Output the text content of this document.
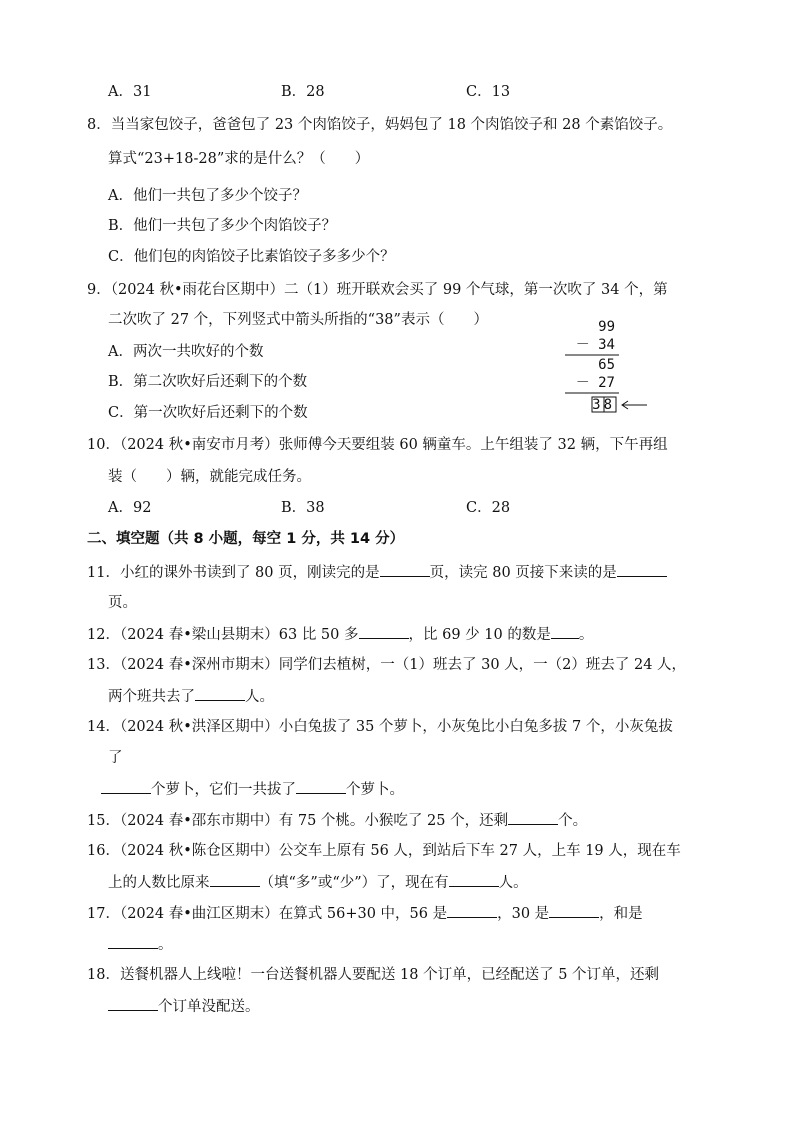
A．31	B．28	C．13
8．当当家包饺子，爸爸包了 23 个肉馅饺子，妈妈包了 18 个肉馅饺子和 28 个素馅饺子。
算式“23+18-28”求的是什么？（　　）
A．他们一共包了多少个饺子？
B．他们一共包了多少个肉馅饺子？
C．他们包的肉馅饺子比素馅饺子多多少个？
9．（2024 秋•雨花台区期中）二（1）班开联欢会买了 99 个气球，第一次吹了 34 个，第
二次吹了 27 个，下列竖式中箭头所指的“38”表示（　　）
A．两次一共吹好的个数
B．第二次吹好后还剩下的个数
C．第一次吹好后还剩下的个数
99
－ 34
65
－ 27
38
10．（2024 秋•南安市月考）张师傅今天要组装 60 辆童车。上午组装了 32 辆，下午再组
装（　　）辆，就能完成任务。
A．92	B．38	C．28
二、填空题（共 8 小题，每空 1 分，共 14 分）
11．小红的课外书读到了 80 页，刚读完的是	页，读完 80 页接下来读的是
页。
12．（2024 春•梁山县期末）63 比 50 多	，比 69 少 10 的数是 。
13．（2024 春•深州市期末）同学们去植树，一（1）班去了 30 人，一（2）班去了 24 人，
两个班共去了	人。
14．（2024 秋•洪泽区期中）小白兔拔了 35 个萝卜，小灰兔比小白兔多拔 7 个，小灰兔拔
了
个萝卜，它们一共拔了	个萝卜。
15．（2024 春•邵东市期中）有 75 个桃。小猴吃了 25 个，还剩	个。
16．（2024 秋•陈仓区期中）公交车上原有 56 人，到站后下车 27 人，上车 19 人，现在车
上的人数比原来	（填“多”或“少”）了，现在有	人。
17．（2024 春•曲江区期末）在算式 56+30 中，56 是	，30 是	，和是
。
18．送餐机器人上线啦！一台送餐机器人要配送 18 个订单，已经配送了 5 个订单，还剩
个订单没配送。
